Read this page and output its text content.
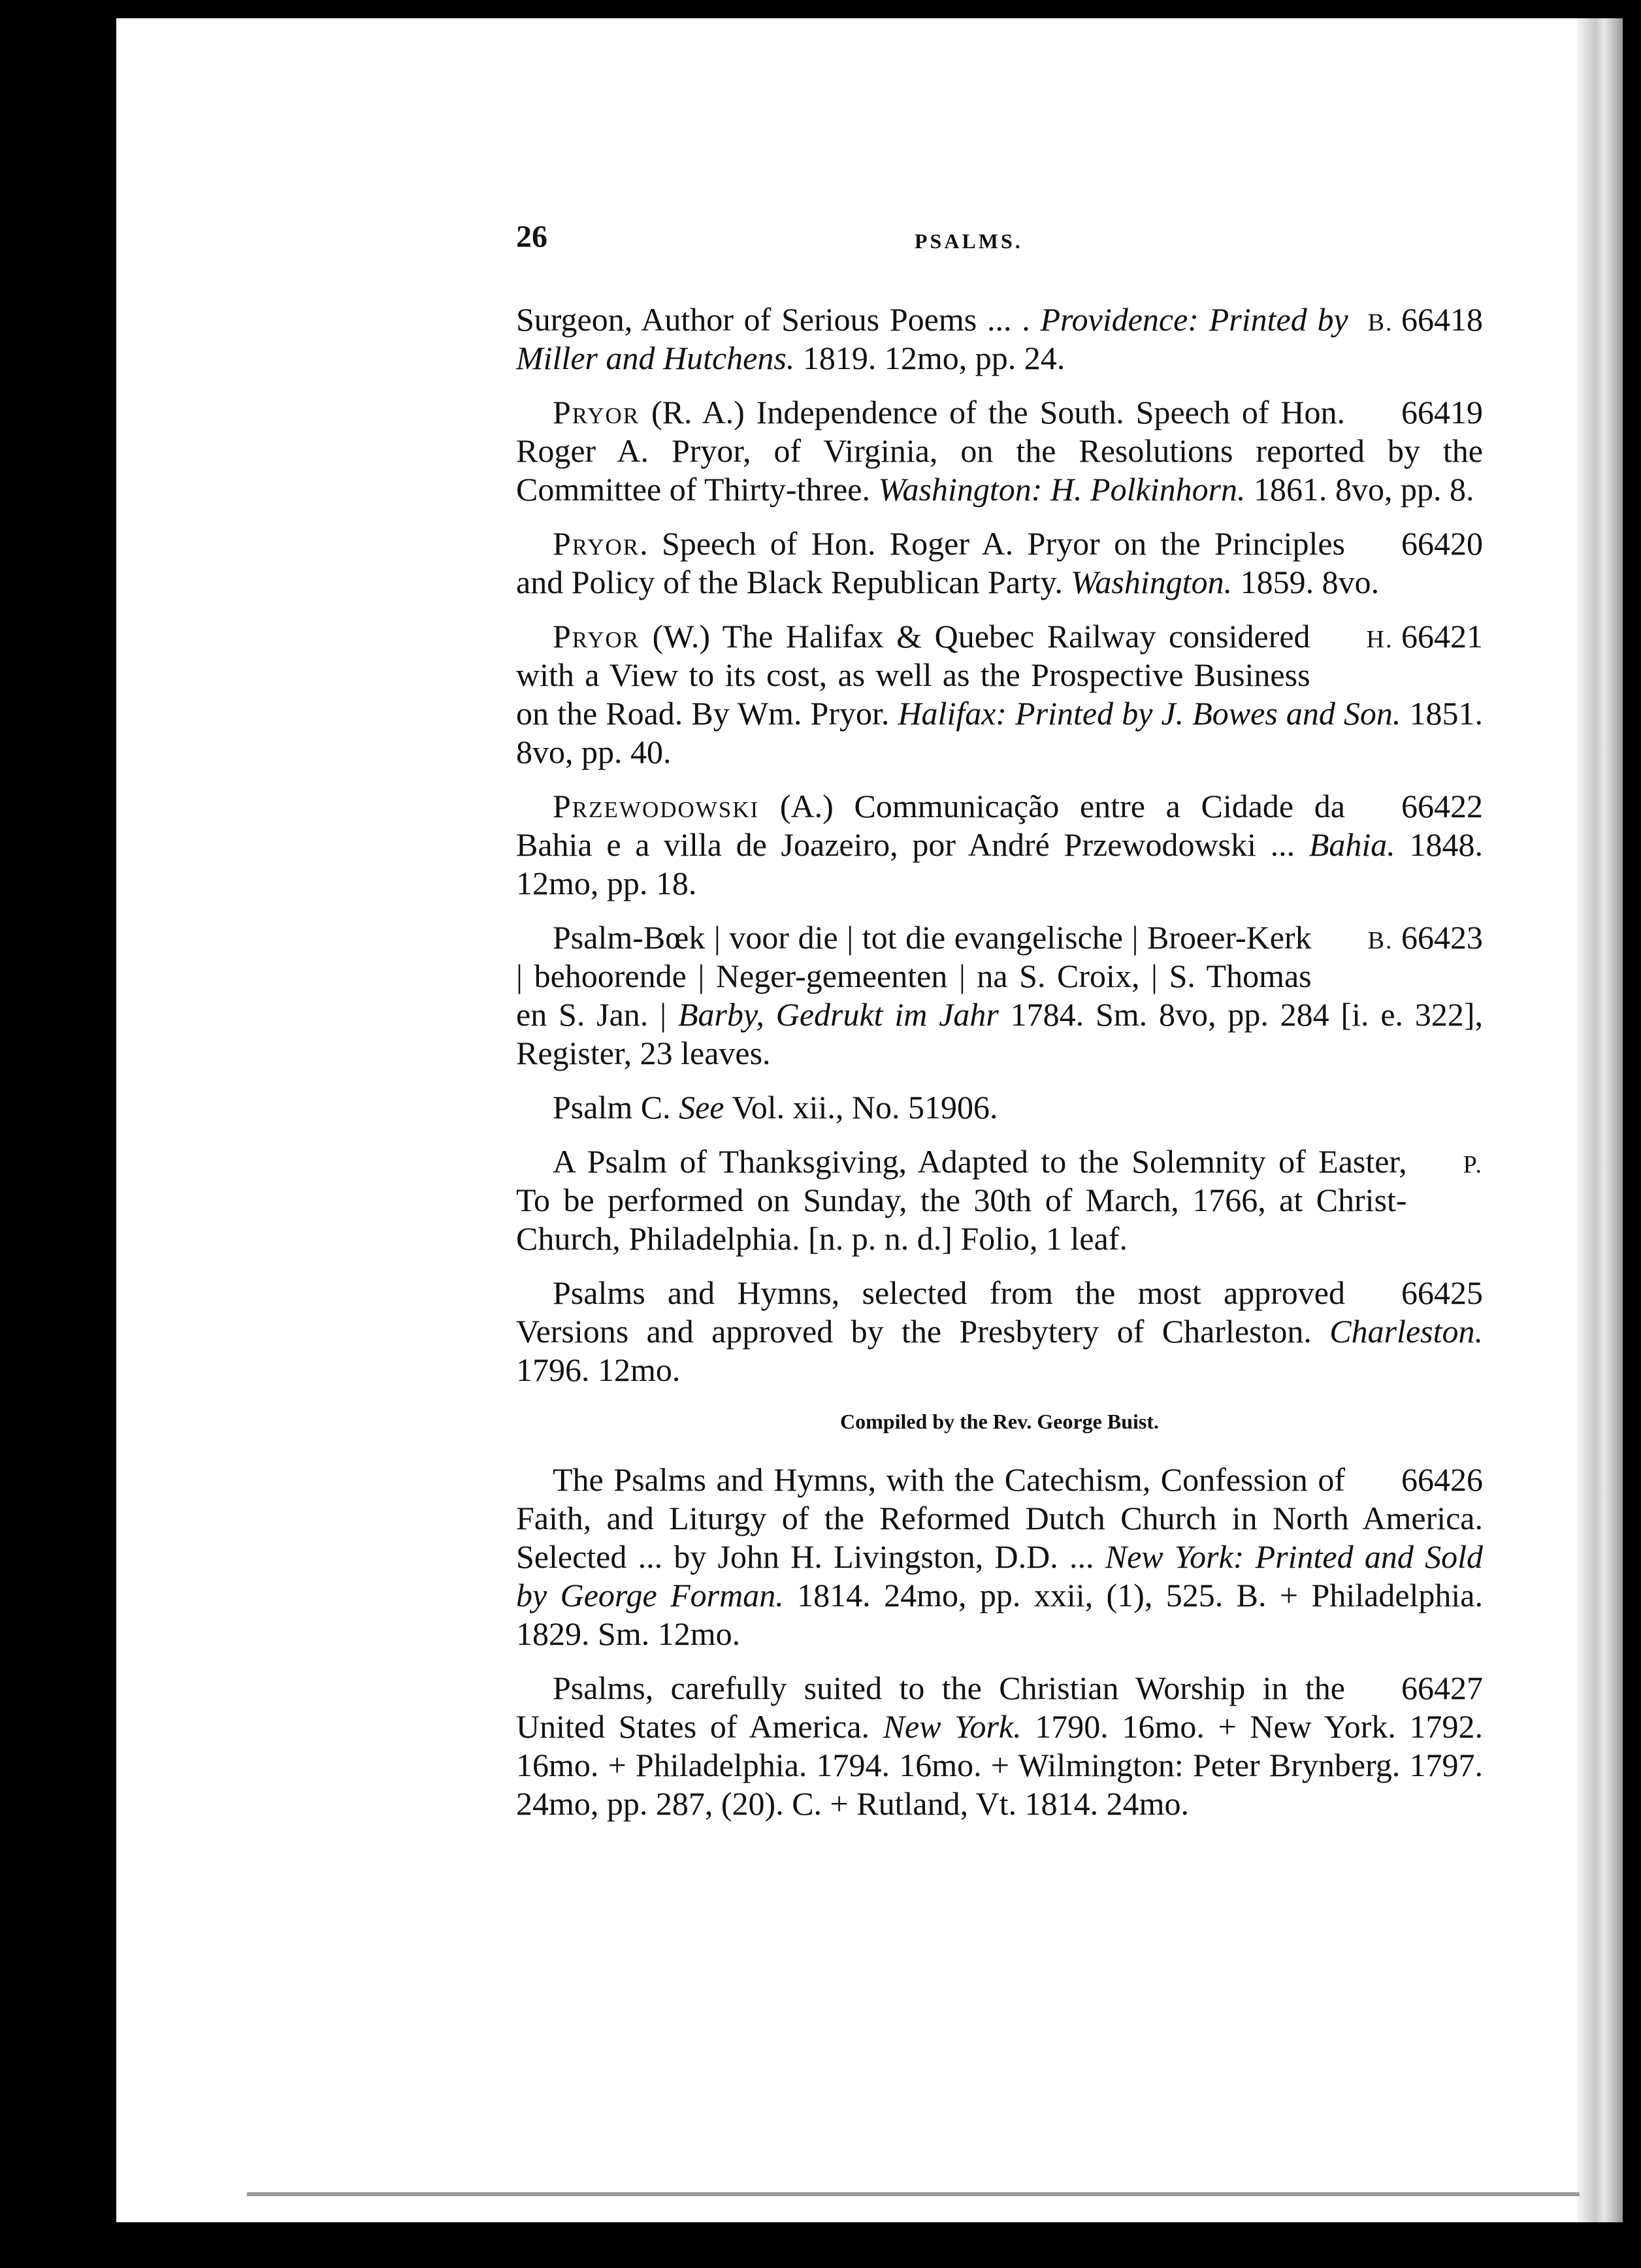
26	PSALMS.

B. 66418
Surgeon, Author of Serious Poems ... . Providence: Printed by Miller and Hutchens. 1819. 12mo, pp. 24.

66419
Pryor (R. A.) Independence of the South. Speech of Hon. Roger A. Pryor, of Virginia, on the Resolutions reported by the Committee of Thirty-three. Washington: H. Polkinhorn. 1861. 8vo, pp. 8.

66420
Pryor. Speech of Hon. Roger A. Pryor on the Principles and Policy of the Black Republican Party. Washington. 1859. 8vo.

H. 66421
Pryor (W.) The Halifax & Quebec Railway considered with a View to its cost, as well as the Prospective Business on the Road. By Wm. Pryor. Halifax: Printed by J. Bowes and Son. 1851. 8vo, pp. 40.

66422
Przewodowski (A.) Communicação entre a Cidade da Bahia e a villa de Joazeiro, por André Przewodowski ... Bahia. 1848. 12mo, pp. 18.

B. 66423
Psalm-Bœk | voor die | tot die evangelische | Broeer-Kerk | behoorende | Neger-gemeenten | na S. Croix, | S. Thomas en S. Jan. | Barby, Gedrukt im Jahr 1784. Sm. 8vo, pp. 284 [i. e. 322], Register, 23 leaves.

Psalm C. See Vol. xii., No. 51906.

P.
A Psalm of Thanksgiving, Adapted to the Solemnity of Easter, To be performed on Sunday, the 30th of March, 1766, at Christ-Church, Philadelphia. [n. p. n. d.] Folio, 1 leaf.

66425
Psalms and Hymns, selected from the most approved Versions and approved by the Presbytery of Charleston. Charleston. 1796. 12mo.

Compiled by the Rev. George Buist.

66426
The Psalms and Hymns, with the Catechism, Confession of Faith, and Liturgy of the Reformed Dutch Church in North America. Selected ... by John H. Livingston, D.D. ... New York: Printed and Sold by George Forman. 1814. 24mo, pp. xxii, (1), 525. B. + Philadelphia. 1829. Sm. 12mo.

66427
Psalms, carefully suited to the Christian Worship in the United States of America. New York. 1790. 16mo. + New York. 1792. 16mo. + Philadelphia. 1794. 16mo. + Wilmington: Peter Brynberg. 1797. 24mo, pp. 287, (20). C. + Rutland, Vt. 1814. 24mo.
